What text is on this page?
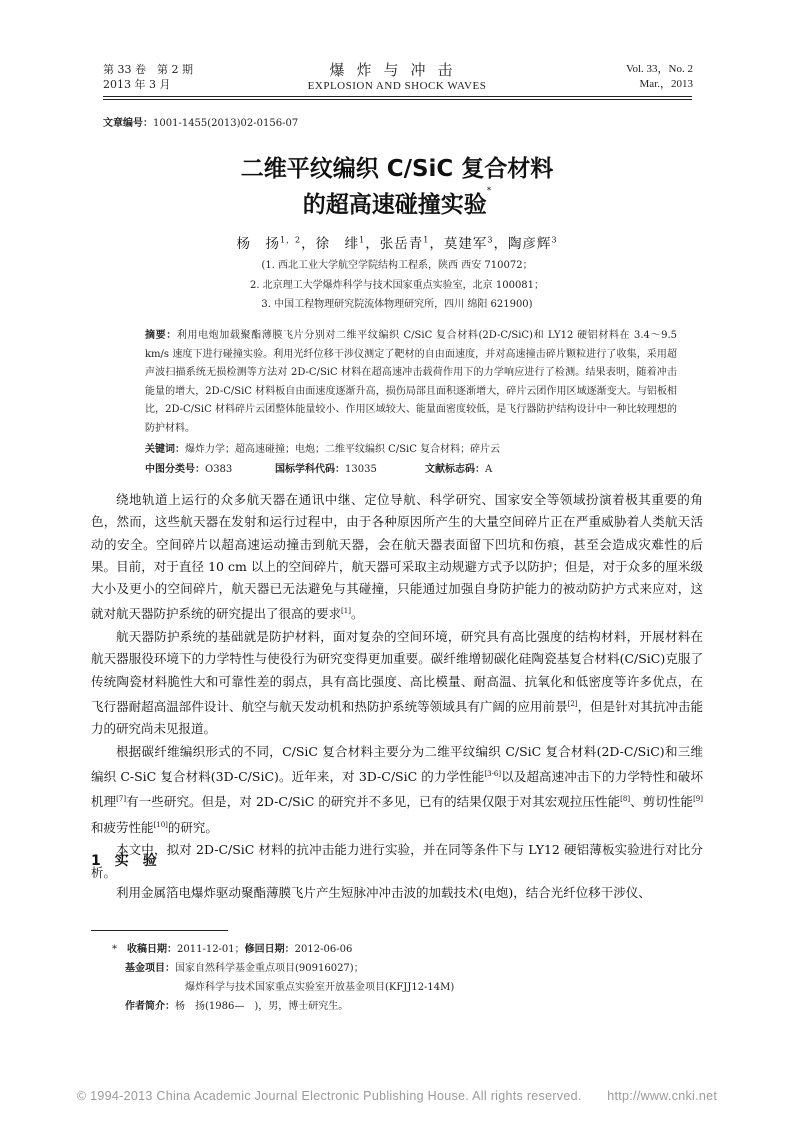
第 33 卷　第 2 期
2013 年 3 月
爆炸与冲击
EXPLOSION AND SHOCK WAVES
Vol. 33，No. 2
Mar.，2013
文章编号：1001-1455(2013)02-0156-07
二维平纹编织 C/SiC 复合材料
的超高速碰撞实验*
杨　扬$^{1,2}$，徐　绯$^1$，张岳青$^1$，莫建军$^3$，陶彦辉$^3$
(1. 西北工业大学航空学院结构工程系，陕西 西安 710072；
2. 北京理工大学爆炸科学与技术国家重点实验室，北京 100081；
3. 中国工程物理研究院流体物理研究所，四川 绵阳 621900)
摘要：利用电炮加载聚酯薄膜飞片分别对二维平纹编织 C/SiC 复合材料(2D-C/SiC)和 LY12 硬铝材料在 3.4～9.5 km/s 速度下进行碰撞实验。利用光纤位移干涉仪测定了靶材的自由面速度，并对高速撞击碎片颗粒进行了收集，采用超声波扫描系统无损检测等方法对 2D-C/SiC 材料在超高速冲击载荷作用下的力学响应进行了检测。结果表明，随着冲击能量的增大，2D-C/SiC 材料板自由面速度逐渐升高，损伤局部且面积逐渐增大，碎片云团作用区域逐渐变大。与铝板相比，2D-C/SiC 材料碎片云团整体能量较小、作用区域较大、能量面密度较低，是飞行器防护结构设计中一种比较理想的防护材料。
关键词：爆炸力学；超高速碰撞；电炮；二维平纹编织 C/SiC 复合材料；碎片云
中图分类号：O383	国标学科代码：13035	文献标志码：A

绕地轨道上运行的众多航天器在通讯中继、定位导航、科学研究、国家安全等领域扮演着极其重要的角色，然而，这些航天器在发射和运行过程中，由于各种原因所产生的大量空间碎片正在严重威胁着人类航天活动的安全。空间碎片以超高速运动撞击到航天器，会在航天器表面留下凹坑和伤痕，甚至会造成灾难性的后果。目前，对于直径 10 cm 以上的空间碎片，航天器可采取主动规避方式予以防护；但是，对于众多的厘米级大小及更小的空间碎片，航天器已无法避免与其碰撞，只能通过加强自身防护能力的被动防护方式来应对，这就对航天器防护系统的研究提出了很高的要求[1]。

航天器防护系统的基础就是防护材料，面对复杂的空间环境，研究具有高比强度的结构材料，开展材料在航天器服役环境下的力学特性与使役行为研究变得更加重要。碳纤维增韧碳化硅陶瓷基复合材料(C/SiC)克服了传统陶瓷材料脆性大和可靠性差的弱点，具有高比强度、高比模量、耐高温、抗氧化和低密度等许多优点，在飞行器耐超高温部件设计、航空与航天发动机和热防护系统等领域具有广阔的应用前景[2]，但是针对其抗冲击能力的研究尚未见报道。

根据碳纤维编织形式的不同，C/SiC 复合材料主要分为二维平纹编织 C/SiC 复合材料(2D-C/SiC)和三维编织 C-SiC 复合材料(3D-C/SiC)。近年来，对 3D-C/SiC 的力学性能[3-6]以及超高速冲击下的力学特性和破坏机理[7]有一些研究。但是，对 2D-C/SiC 的研究并不多见，已有的结果仅限于对其宏观拉压性能[8]、剪切性能[9]和疲劳性能[10]的研究。

本文中，拟对 2D-C/SiC 材料的抗冲击能力进行实验，并在同等条件下与 LY12 硬铝薄板实验进行对比分析。

1 实　验
利用金属箔电爆炸驱动聚酯薄膜飞片产生短脉冲冲击波的加载技术(电炮)，结合光纤位移干涉仪、
*　 收稿日期：2011-12-01；修回日期：2012-06-06
基金项目：国家自然科学基金重点项目(90916027)；
爆炸科学与技术国家重点实验室开放基金项目(KFJJ12-14M)
作者简介：杨　扬(1986—　)，男，博士研究生。
© 1994-2013 China Academic Journal Electronic Publishing House. All rights reserved.　　http://www.cnki.net
